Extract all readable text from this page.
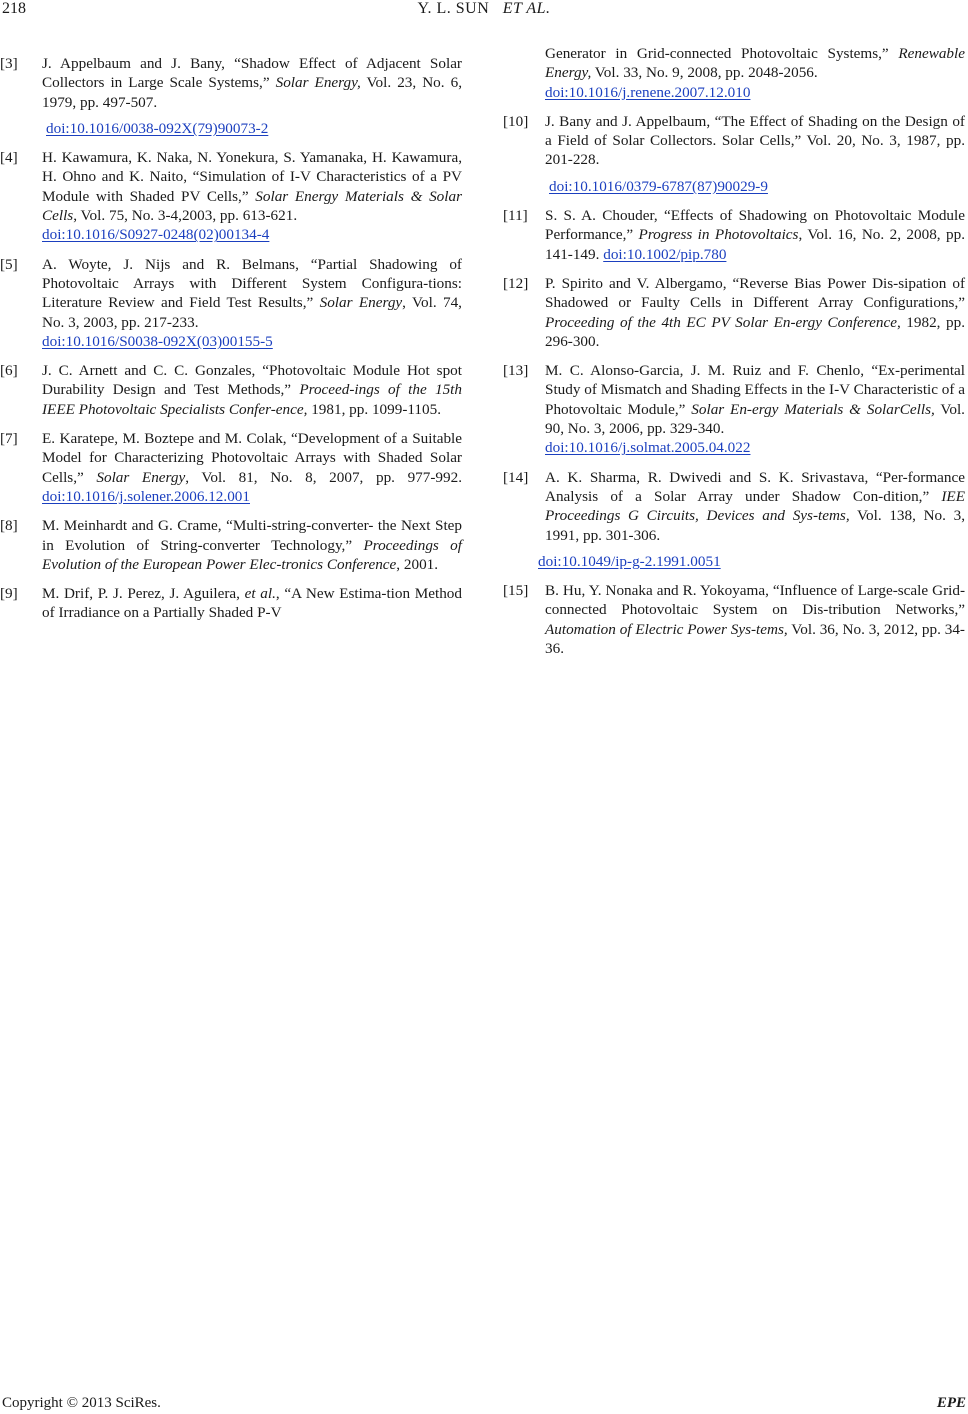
218	Y. L. SUN ET AL.
[3] J. Appelbaum and J. Bany, “Shadow Effect of Adjacent Solar Collectors in Large Scale Systems,” Solar Energy, Vol. 23, No. 6, 1979, pp. 497-507.
doi:10.1016/0038-092X(79)90073-2
[4] H. Kawamura, K. Naka, N. Yonekura, S. Yamanaka, H. Kawamura, H. Ohno and K. Naito, “Simulation of I-V Characteristics of a PV Module with Shaded PV Cells,” Solar Energy Materials & Solar Cells, Vol. 75, No. 3-4,2003, pp. 613-621.
doi:10.1016/S0927-0248(02)00134-4
[5] A. Woyte, J. Nijs and R. Belmans, “Partial Shadowing of Photovoltaic Arrays with Different System Configura-tions: Literature Review and Field Test Results,” Solar Energy, Vol. 74, No. 3, 2003, pp. 217-233.
doi:10.1016/S0038-092X(03)00155-5
[6] J. C. Arnett and C. C. Gonzales, “Photovoltaic Module Hot spot Durability Design and Test Methods,” Proceed-ings of the 15th IEEE Photovoltaic Specialists Confer-ence, 1981, pp. 1099-1105.
[7] E. Karatepe, M. Boztepe and M. Colak, “Development of a Suitable Model for Characterizing Photovoltaic Arrays with Shaded Solar Cells,” Solar Energy, Vol. 81, No. 8, 2007, pp. 977-992. doi:10.1016/j.solener.2006.12.001
[8] M. Meinhardt and G. Crame, “Multi-string-converter- the Next Step in Evolution of String-converter Technology,” Proceedings of Evolution of the European Power Elec-tronics Conference, 2001.
[9] M. Drif, P. J. Perez, J. Aguilera, et al., “A New Estima-tion Method of Irradiance on a Partially Shaded P-V
Generator in Grid-connected Photovoltaic Systems,” Renewable Energy, Vol. 33, No. 9, 2008, pp. 2048-2056.
doi:10.1016/j.renene.2007.12.010
[10] J. Bany and J. Appelbaum, “The Effect of Shading on the Design of a Field of Solar Collectors. Solar Cells,” Vol. 20, No. 3, 1987, pp. 201-228.
doi:10.1016/0379-6787(87)90029-9
[11] S. S. A. Chouder, “Effects of Shadowing on Photovoltaic Module Performance,” Progress in Photovoltaics, Vol. 16, No. 2, 2008, pp. 141-149. doi:10.1002/pip.780
[12] P. Spirito and V. Albergamo, “Reverse Bias Power Dis-sipation of Shadowed or Faulty Cells in Different Array Configurations,” Proceeding of the 4th EC PV Solar En-ergy Conference, 1982, pp. 296-300.
[13] M. C. Alonso-Garcia, J. M. Ruiz and F. Chenlo, “Ex-perimental Study of Mismatch and Shading Effects in the I-V Characteristic of a Photovoltaic Module,” Solar En-ergy Materials & SolarCells, Vol. 90, No. 3, 2006, pp. 329-340.
doi:10.1016/j.solmat.2005.04.022
[14] A. K. Sharma, R. Dwivedi and S. K. Srivastava, “Per-formance Analysis of a Solar Array under Shadow Con-dition,” IEE Proceedings G Circuits, Devices and Sys-tems, Vol. 138, No. 3, 1991, pp. 301-306.
doi:10.1049/ip-g-2.1991.0051
[15] B. Hu, Y. Nonaka and R. Yokoyama, “Influence of Large-scale Grid-connected Photovoltaic System on Dis-tribution Networks,” Automation of Electric Power Sys-tems, Vol. 36, No. 3, 2012, pp. 34-36.
Copyright © 2013 SciRes.	EPE
